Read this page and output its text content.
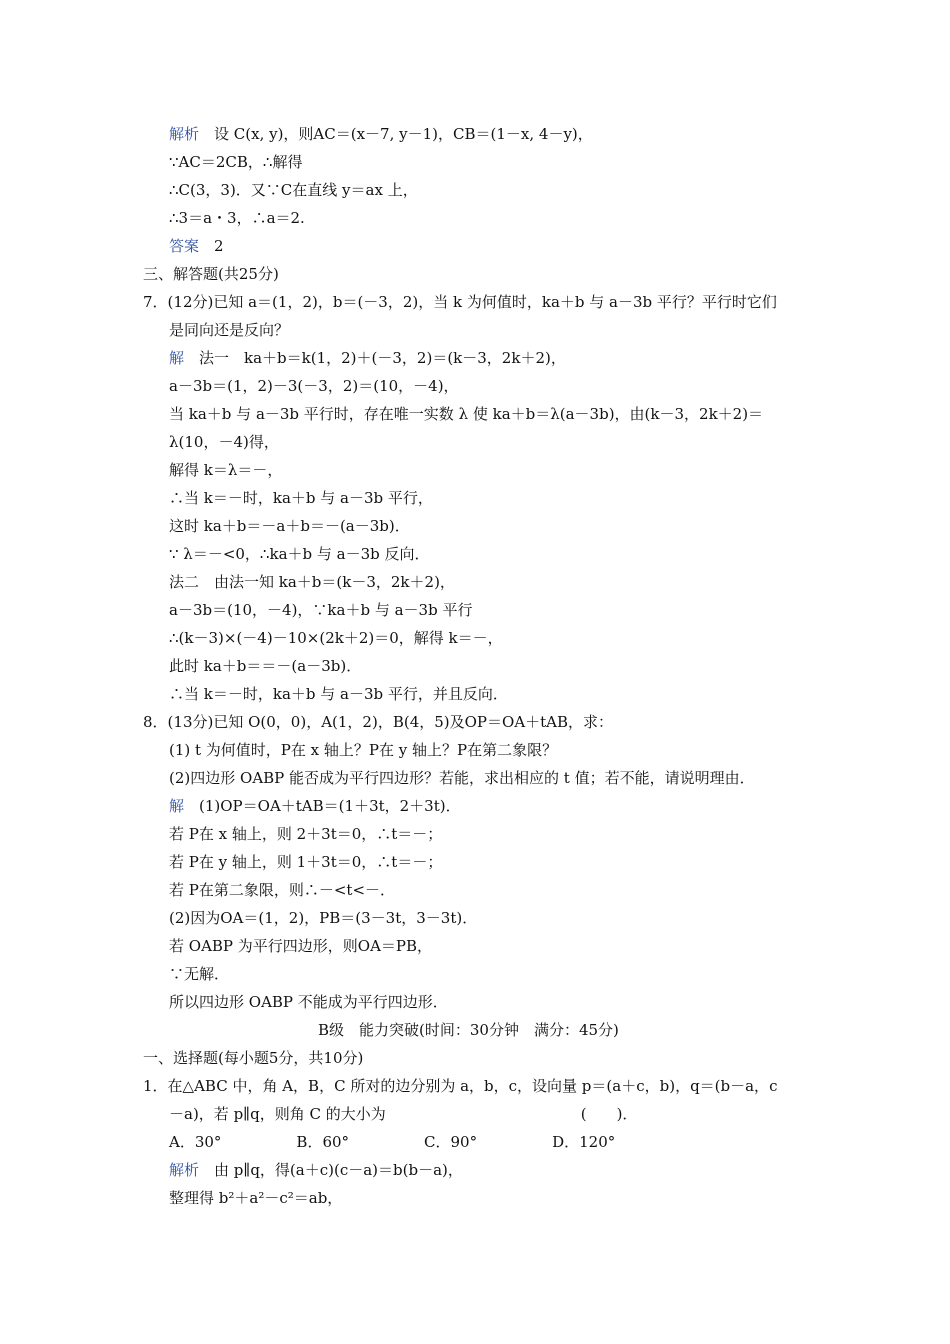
解析　设 C(x, y)，则AC＝(x－7, y－1)，CB＝(1－x, 4－y)，
∵AC＝2CB，∴解得
∴C(3，3)．又∵C在直线 y＝ax 上，
∴3＝a・3，∴a＝2.
答案　2
三、解答题(共25分)
7．(12分)已知 a＝(1，2)，b＝(－3，2)，当 k 为何值时，ka＋b 与 a－3b 平行？平行时它们
是同向还是反向？
解　法一　ka＋b＝k(1，2)＋(－3，2)＝(k－3，2k＋2)，
a－3b＝(1，2)－3(－3，2)＝(10，－4)，
当 ka＋b 与 a－3b 平行时，存在唯一实数 λ 使 ka＋b＝λ(a－3b)，由(k－3，2k＋2)＝
λ(10，－4)得，
解得 k＝λ＝－，
∴当 k＝－时，ka＋b 与 a－3b 平行，
这时 ka＋b＝－a＋b＝－(a－3b)．
∵ λ＝－<0，∴ka＋b 与 a－3b 反向．
法二　由法一知 ka＋b＝(k－3，2k＋2)，
a－3b＝(10，－4)，∵ka＋b 与 a－3b 平行
∴(k－3)×(－4)－10×(2k＋2)＝0，解得 k＝－，
此时 ka＋b＝＝－(a－3b)．
∴当 k＝－时，ka＋b 与 a－3b 平行，并且反向．
8．(13分)已知 O(0，0)，A(1，2)，B(4，5)及OP＝OA＋tAB，求：
(1) t 为何值时，P在 x 轴上？P在 y 轴上？P在第二象限？
(2)四边形 OABP 能否成为平行四边形？若能，求出相应的 t 值；若不能，请说明理由．
解　(1)OP＝OA＋tAB＝(1＋3t，2＋3t)．
若 P在 x 轴上，则 2＋3t＝0，∴t＝－；
若 P在 y 轴上，则 1＋3t＝0，∴t＝－；
若 P在第二象限，则∴－<t<－．
(2)因为OA＝(1，2)，PB＝(3－3t，3－3t)．
若 OABP 为平行四边形，则OA＝PB，
∵无解．
所以四边形 OABP 不能成为平行四边形．
B级　能力突破(时间：30分钟　满分：45分)
一、选择题(每小题5分，共10分)
1．在△ABC 中，角 A，B，C 所对的边分别为 a，b，c，设向量 p＝(a＋c，b)，q＝(b－a，c
－a)，若 p∥q，则角 C 的大小为　　　　　　　　　　　　　(　　)．
A．30°　　　　　B．60°　　　　　C．90°　　　　　D．120°
解析　由 p∥q，得(a＋c)(c－a)＝b(b－a)，
整理得 b²＋a²－c²＝ab，
